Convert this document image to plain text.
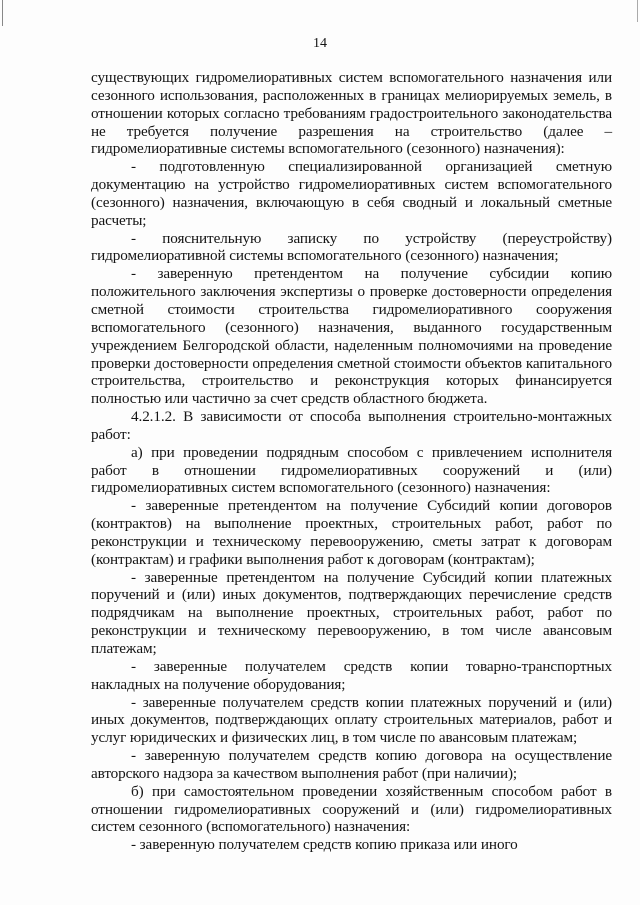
14

существующих гидромелиоративных систем вспомогательного назначения или сезонного использования, расположенных в границах мелиорируемых земель, в отношении которых согласно требованиям градостроительного законодательства не требуется получение разрешения на строительство (далее – гидромелиоративные системы вспомогательного (сезонного) назначения):

- подготовленную специализированной организацией сметную документацию на устройство гидромелиоративных систем вспомогательного (сезонного) назначения, включающую в себя сводный и локальный сметные расчеты;

- пояснительную записку по устройству (переустройству) гидромелиоративной системы вспомогательного (сезонного) назначения;

- заверенную претендентом на получение субсидии копию положительного заключения экспертизы о проверке достоверности определения сметной стоимости строительства гидромелиоративного сооружения вспомогательного (сезонного) назначения, выданного государственным учреждением Белгородской области, наделенным полномочиями на проведение проверки достоверности определения сметной стоимости объектов капитального строительства, строительство и реконструкция которых финансируется полностью или частично за счет средств областного бюджета.

4.2.1.2. В зависимости от способа выполнения строительно-монтажных работ:

а) при проведении подрядным способом с привлечением исполнителя работ в отношении гидромелиоративных сооружений и (или) гидромелиоративных систем вспомогательного (сезонного) назначения:

- заверенные претендентом на получение Субсидий копии договоров (контрактов) на выполнение проектных, строительных работ, работ по реконструкции и техническому перевооружению, сметы затрат к договорам (контрактам) и графики выполнения работ к договорам (контрактам);

- заверенные претендентом на получение Субсидий копии платежных поручений и (или) иных документов, подтверждающих перечисление средств подрядчикам на выполнение проектных, строительных работ, работ по реконструкции и техническому перевооружению, в том числе авансовым платежам;

- заверенные получателем средств копии товарно-транспортных накладных на получение оборудования;

- заверенные получателем средств копии платежных поручений и (или) иных документов, подтверждающих оплату строительных материалов, работ и услуг юридических и физических лиц, в том числе по авансовым платежам;

- заверенную получателем средств копию договора на осуществление авторского надзора за качеством выполнения работ (при наличии);

б) при самостоятельном проведении хозяйственным способом работ в отношении гидромелиоративных сооружений и (или) гидромелиоративных систем сезонного (вспомогательного) назначения:

- заверенную получателем средств копию приказа или иного
